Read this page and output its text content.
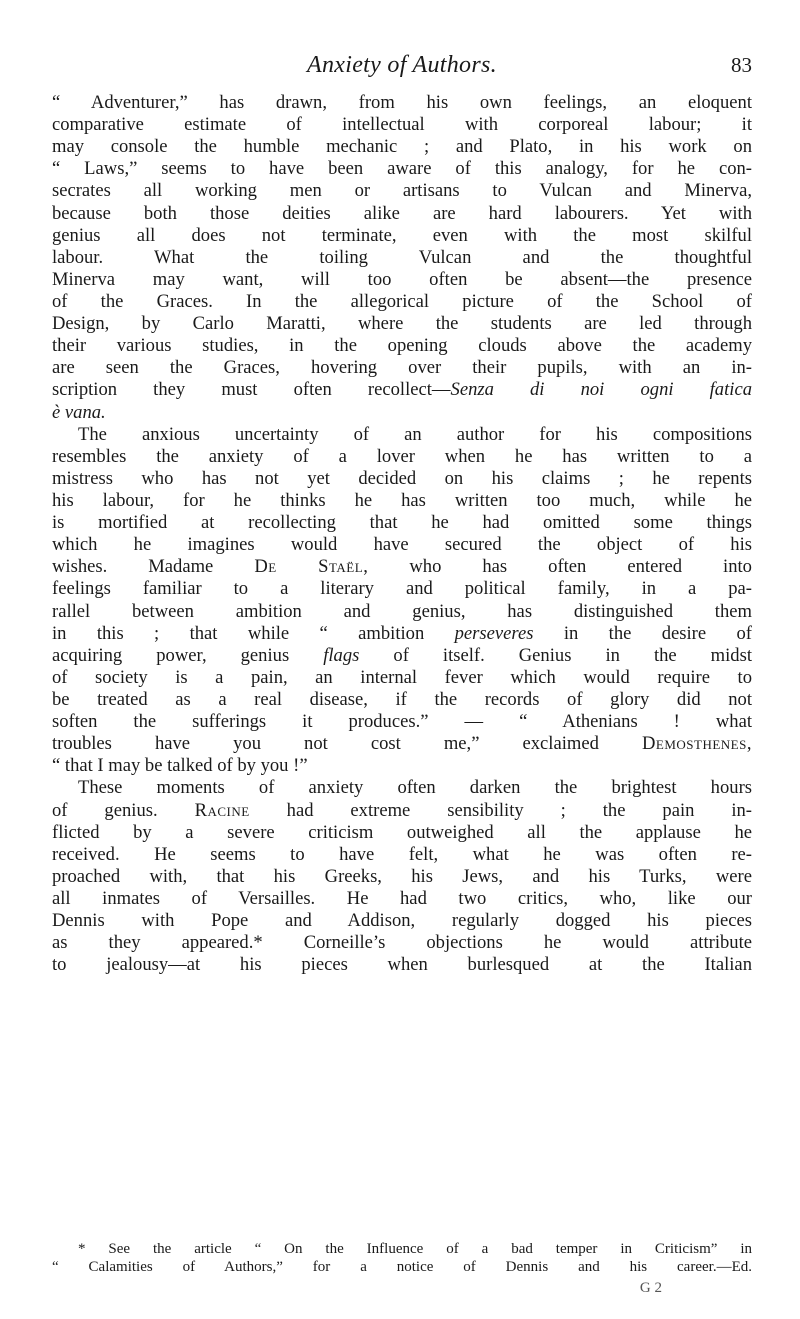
Anxiety of Authors.	83
“ Adventurer,” has drawn, from his own feelings, an eloquent
comparative estimate of intellectual with corporeal labour; it
may console the humble mechanic ; and Plato, in his work on
“ Laws,” seems to have been aware of this analogy, for he con-
secrates all working men or artisans to Vulcan and Minerva,
because both those deities alike are hard labourers. Yet with
genius all does not terminate, even with the most skilful
labour. What the toiling Vulcan and the thoughtful
Minerva may want, will too often be absent—the presence
of the Graces. In the allegorical picture of the School of
Design, by Carlo Maratti, where the students are led through
their various studies, in the opening clouds above the academy
are seen the Graces, hovering over their pupils, with an in-
scription they must often recollect—Senza di noi ogni fatica
è vana.
The anxious uncertainty of an author for his compositions
resembles the anxiety of a lover when he has written to a
mistress who has not yet decided on his claims ; he repents
his labour, for he thinks he has written too much, while he
is mortified at recollecting that he had omitted some things
which he imagines would have secured the object of his
wishes. Madame De Staël, who has often entered into
feelings familiar to a literary and political family, in a pa-
rallel between ambition and genius, has distinguished them
in this ; that while “ ambition perseveres in the desire of
acquiring power, genius flags of itself. Genius in the midst
of society is a pain, an internal fever which would require to
be treated as a real disease, if the records of glory did not
soften the sufferings it produces.” — “ Athenians ! what
troubles have you not cost me,” exclaimed Demosthenes,
“ that I may be talked of by you !”
These moments of anxiety often darken the brightest hours
of genius. Racine had extreme sensibility ; the pain in-
flicted by a severe criticism outweighed all the applause he
received. He seems to have felt, what he was often re-
proached with, that his Greeks, his Jews, and his Turks, were
all inmates of Versailles. He had two critics, who, like our
Dennis with Pope and Addison, regularly dogged his pieces
as they appeared.* Corneille’s objections he would attribute
to jealousy—at his pieces when burlesqued at the Italian
* See the article “ On the Influence of a bad temper in Criticism” in
“ Calamities of Authors,” for a notice of Dennis and his career.—Ed.
G 2
